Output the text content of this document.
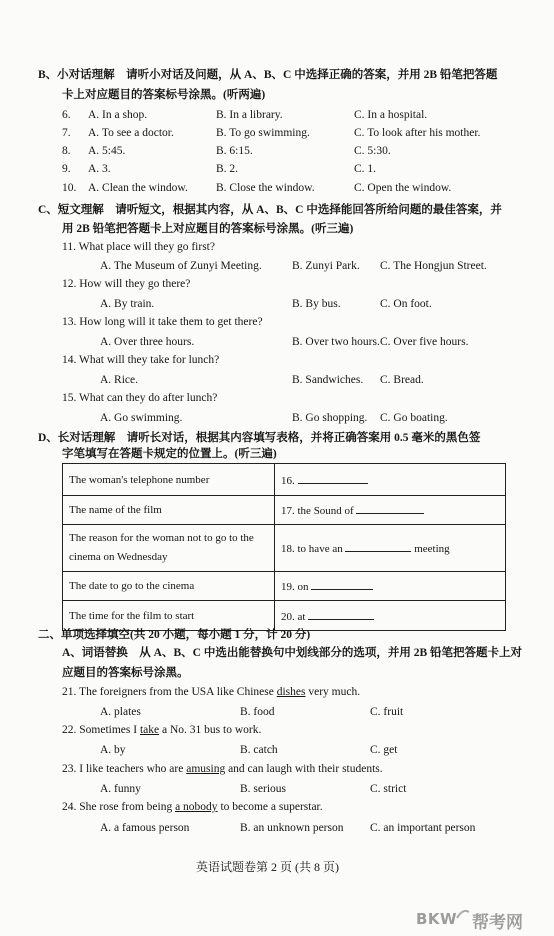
B、小对话理解　请听小对话及问题，从 A、B、C 中选择正确的答案，并用 2B 铅笔把答题
卡上对应题目的答案标号涂黑。(听两遍)
6. A. In a shop.	B. In a library.	C. In a hospital.
7. A. To see a doctor.	B. To go swimming.	C. To look after his mother.
8. A. 5:45.	B. 6:15.	C. 5:30.
9. A. 3.	B. 2.	C. 1.
10. A. Clean the window. B. Close the window.	C. Open the window.
C、短文理解　请听短文，根据其内容，从 A、B、C 中选择能回答所给问题的最佳答案，并
用 2B 铅笔把答题卡上对应题目的答案标号涂黑。(听三遍)
11. What place will they go first?
A. The Museum of Zunyi Meeting.	B. Zunyi Park. C. The Hongjun Street.
12. How will they go there?
A. By train.	B. By bus.	C. On foot.
13. How long will it take them to get there?
A. Over three hours.	B. Over two hours. C. Over five hours.
14. What will they take for lunch?
A. Rice.	B. Sandwiches. C. Bread.
15. What can they do after lunch?
A. Go swimming.	B. Go shopping. C. Go boating.
D、长对话理解　请听长对话，根据其内容填写表格，并将正确答案用 0.5 毫米的黑色签
字笔填写在答题卡规定的位置上。(听三遍)
The woman's telephone number	16.
The name of the film	17. the Sound of
The reason for the woman not to go to the cinema on Wednesday	18. to have an meeting
The date to go to the cinema	19. on
The time for the film to start	20. at
二、单项选择填空(共 20 小题，每小题 1 分，计 20 分)
A、词语替换　从 A、B、C 中选出能替换句中划线部分的选项，并用 2B 铅笔把答题卡上对
应题目的答案标号涂黑。
21. The foreigners from the USA like Chinese dishes very much.
A. plates	B. food	C. fruit
22. Sometimes I take a No. 31 bus to work.
A. by	B. catch	C. get
23. I like teachers who are amusing and can laugh with their students.
A. funny	B. serious	C. strict
24. She rose from being a nobody to become a superstar.
A. a famous person	B. an unknown person C. an important person
英语试题卷第 2 页 (共 8 页)
BKW 帮考网
